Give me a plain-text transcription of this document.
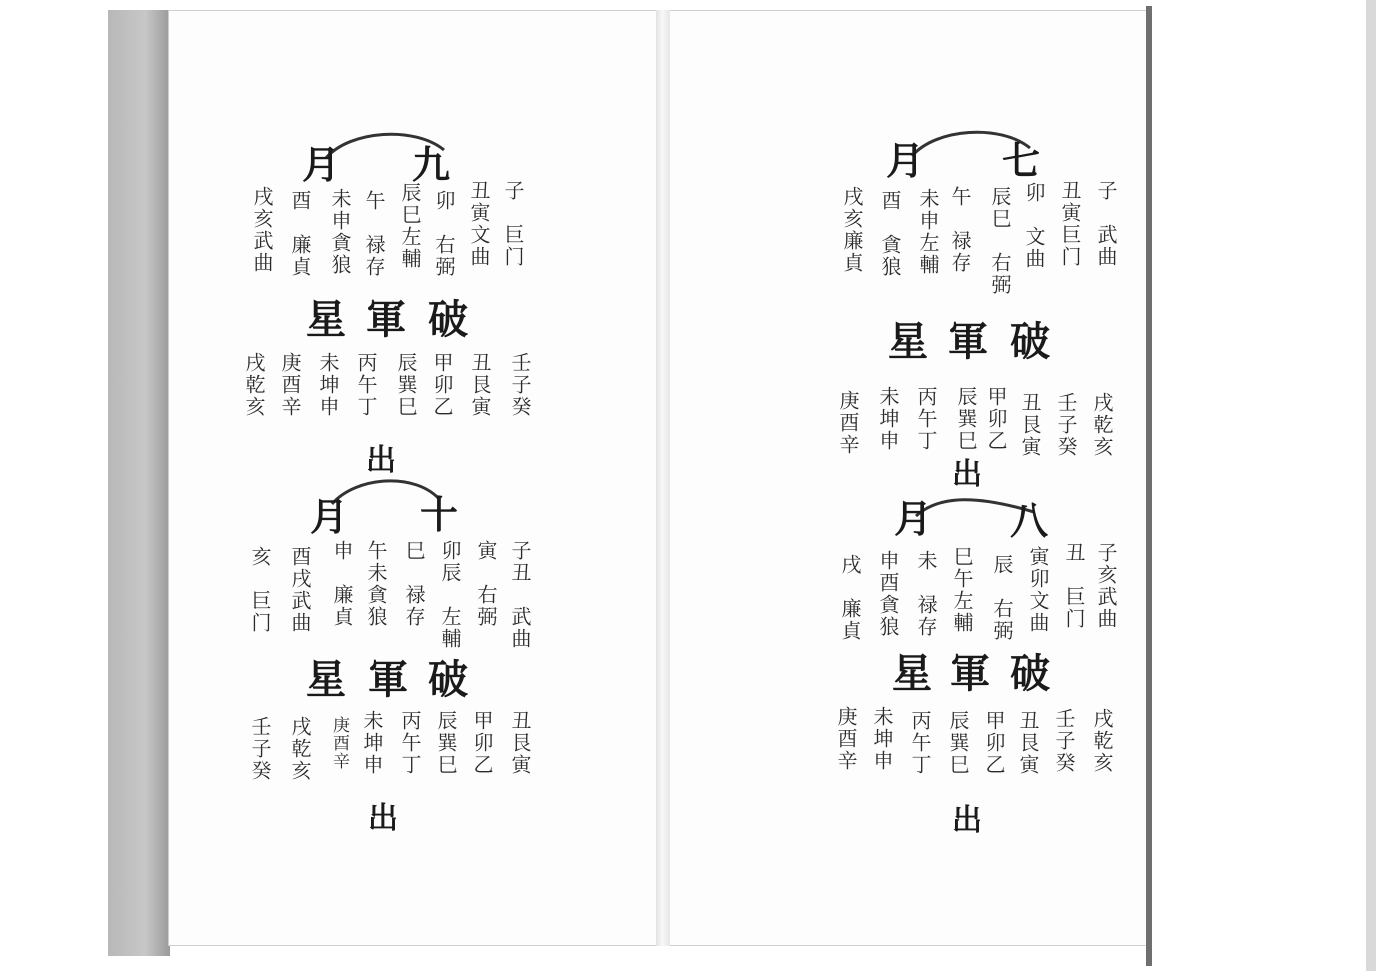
九
月
子　巨门
丑寅文曲
卯　右弼
辰巳左輔
午　禄存
未申貪狼
酉　廉貞
戌亥武曲
破
軍
星
壬子癸
丑艮寅
甲卯乙
辰巽巳
丙午丁
未坤申
庚酉辛
戌乾亥
出
十
月
子丑　武曲
寅　右弼
卯辰　左輔
巳　禄存
午未貪狼
申　廉貞
酉戌武曲
亥　巨门
破
軍
星
丑艮寅
甲卯乙
辰巽巳
丙午丁
未坤申
庚酉辛
戌乾亥
壬子癸
出
七
月
子　武曲
丑寅巨门
卯　文曲
辰巳　右弼
午　禄存
未申左輔
酉　貪狼
戌亥廉貞
破
軍
星
戌乾亥
壬子癸
丑艮寅
甲卯乙
辰巽巳
丙午丁
未坤申
庚酉辛
出
八
月
子亥武曲
丑　巨门
寅卯文曲
辰　右弼
巳午左輔
未　禄存
申酉貪狼
戌　廉貞
破
軍
星
戌乾亥
壬子癸
丑艮寅
甲卯乙
辰巽巳
丙午丁
未坤申
庚酉辛
出
